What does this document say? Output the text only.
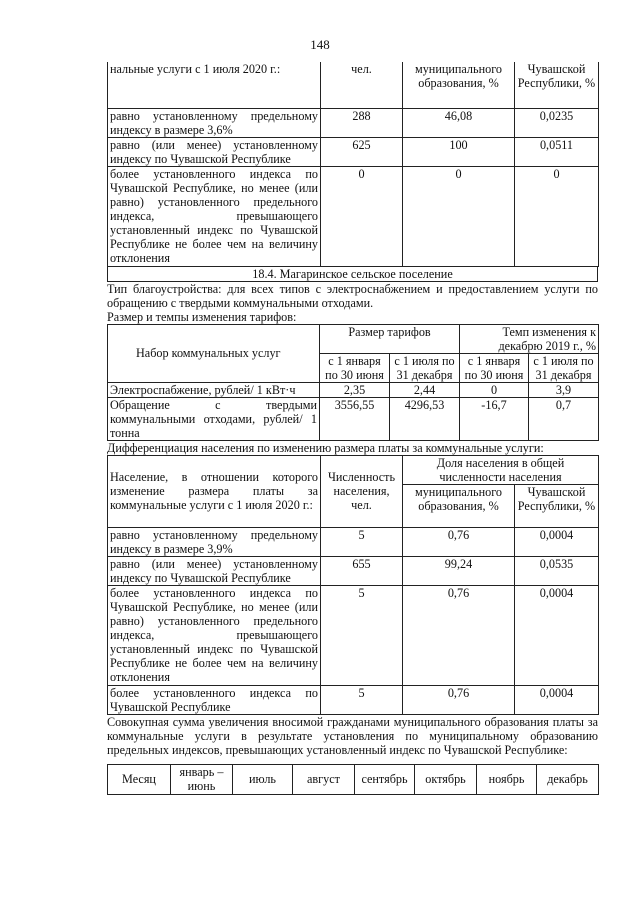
148
нальные услуги с 1 июля 2020 г.:	чел.	муниципального образования, %	Чувашской Республики, %
равно установленному предельному индексу в размере 3,6%	288	46,08	0,0235
равно (или менее) установленному индексу по Чувашской Республике	625	100	0,0511
более установленного индекса по Чувашской Республике, но менее (или равно) установленного предельного индекса, превышающего установленный индекс по Чувашской Республике не более чем на величину отклонения	0	0	0
18.4. Магаринское сельское поселение
Тип благоустройства: для всех типов с электроснабжением и предоставлением услуги по обращению с твердыми коммунальными отходами.
Размер и темпы изменения тарифов:
Набор коммунальных услуг	Размер тарифов		Темп изменения к декабрю 2019 г., %	
	с 1 января по 30 июня	с 1 июля по 31 декабря	с 1 января по 30 июня	с 1 июля по 31 декабря
Электроспабжение, рублей/ 1 кВт·ч	2,35	2,44	0	3,9
Обращение с твердыми коммунальными отходами, рублей/ 1 тонна	3556,55	4296,53	-16,7	0,7
Дифференциация населения по изменению размера платы за коммунальные услуги:
Население, в отношении которого изменение размера платы за коммунальные услуги с 1 июля 2020 г.:	Численность населения, чел.	Доля населения в общей численности населения	
		муниципального образования, %	Чувашской Республики, %
равно установленному предельному индексу в размере 3,9%	5	0,76	0,0004
равно (или менее) установленному индексу по Чувашской Республике	655	99,24	0,0535
более установленного индекса по Чувашской Республике, но менее (или равно) установленного предельного индекса, превышающего установленный индекс по Чувашской Республике не более чем на величину отклонения	5	0,76	0,0004
более установленного индекса по Чувашской Республике	5	0,76	0,0004
Совокупная сумма увеличения вносимой гражданами муниципального образования платы за коммунальные услуги в результате установления по муниципальному образованию предельных индексов, превышающих установленный индекс по Чувашской Республике:
Месяц	январь – июнь	июль	август	сентябрь	октябрь	ноябрь	декабрь
